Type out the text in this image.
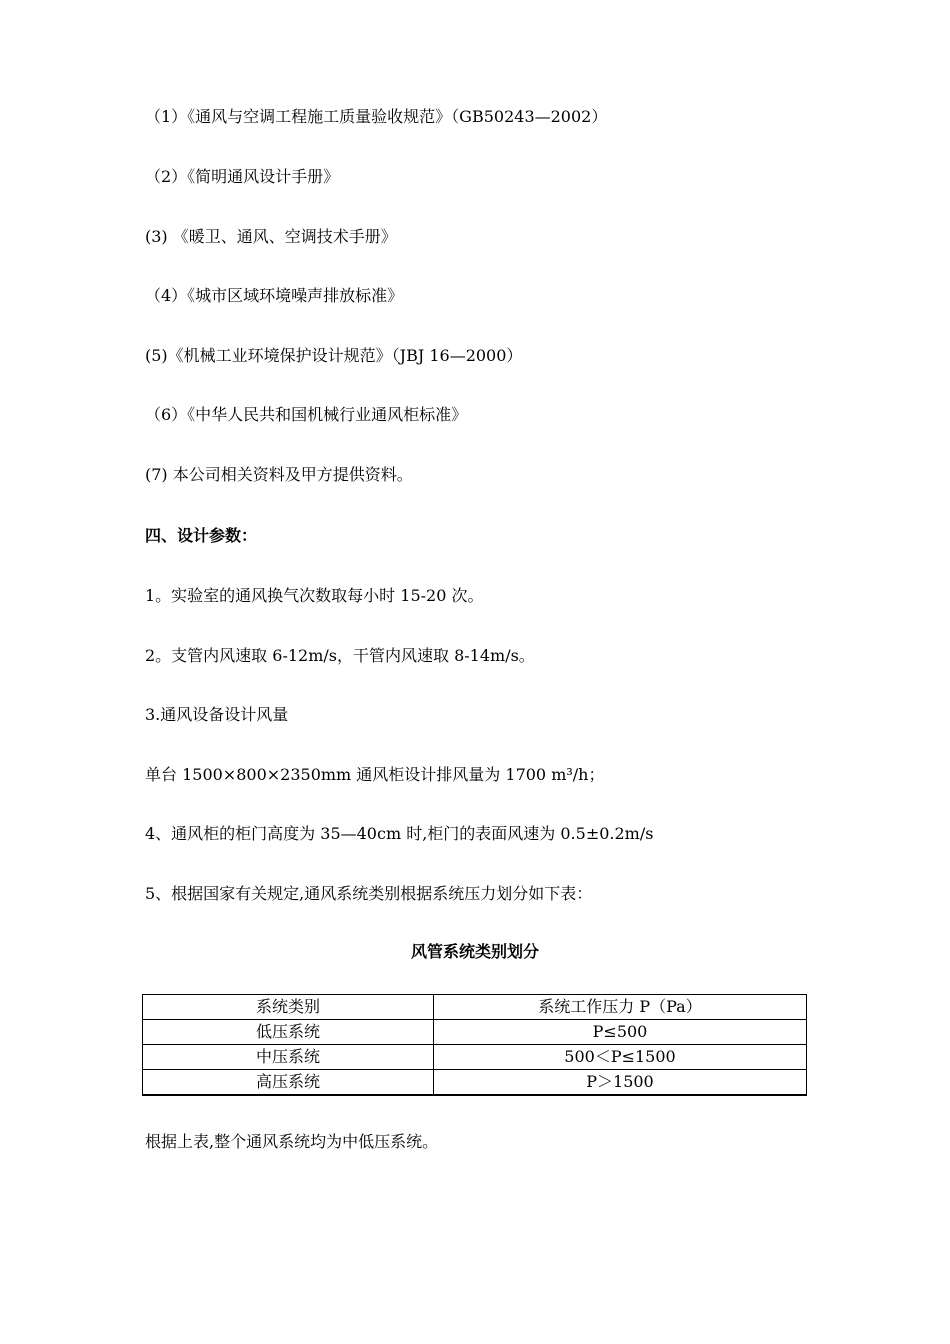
（1）《通风与空调工程施工质量验收规范》（GB50243—2002）
（2）《简明通风设计手册》
(3) 《暖卫、通风、空调技术手册》
（4）《城市区域环境噪声排放标准》
(5)《机械工业环境保护设计规范》（JBJ 16—2000）
（6）《中华人民共和国机械行业通风柜标准》
(7) 本公司相关资料及甲方提供资料。
四、设计参数：
1。实验室的通风换气次数取每小时 15-20 次。
2。支管内风速取 6-12m/s，干管内风速取 8-14m/s。
3.通风设备设计风量
单台 1500×800×2350mm 通风柜设计排风量为 1700 m³/h；
4、通风柜的柜门高度为 35—40cm 时,柜门的表面风速为 0.5±0.2m/s
5、根据国家有关规定,通风系统类别根据系统压力划分如下表：
风管系统类别划分
系统类别	系统工作压力 P（Pa）
低压系统	P≤500
中压系统	500＜P≤1500
高压系统	P＞1500
根据上表,整个通风系统均为中低压系统。
